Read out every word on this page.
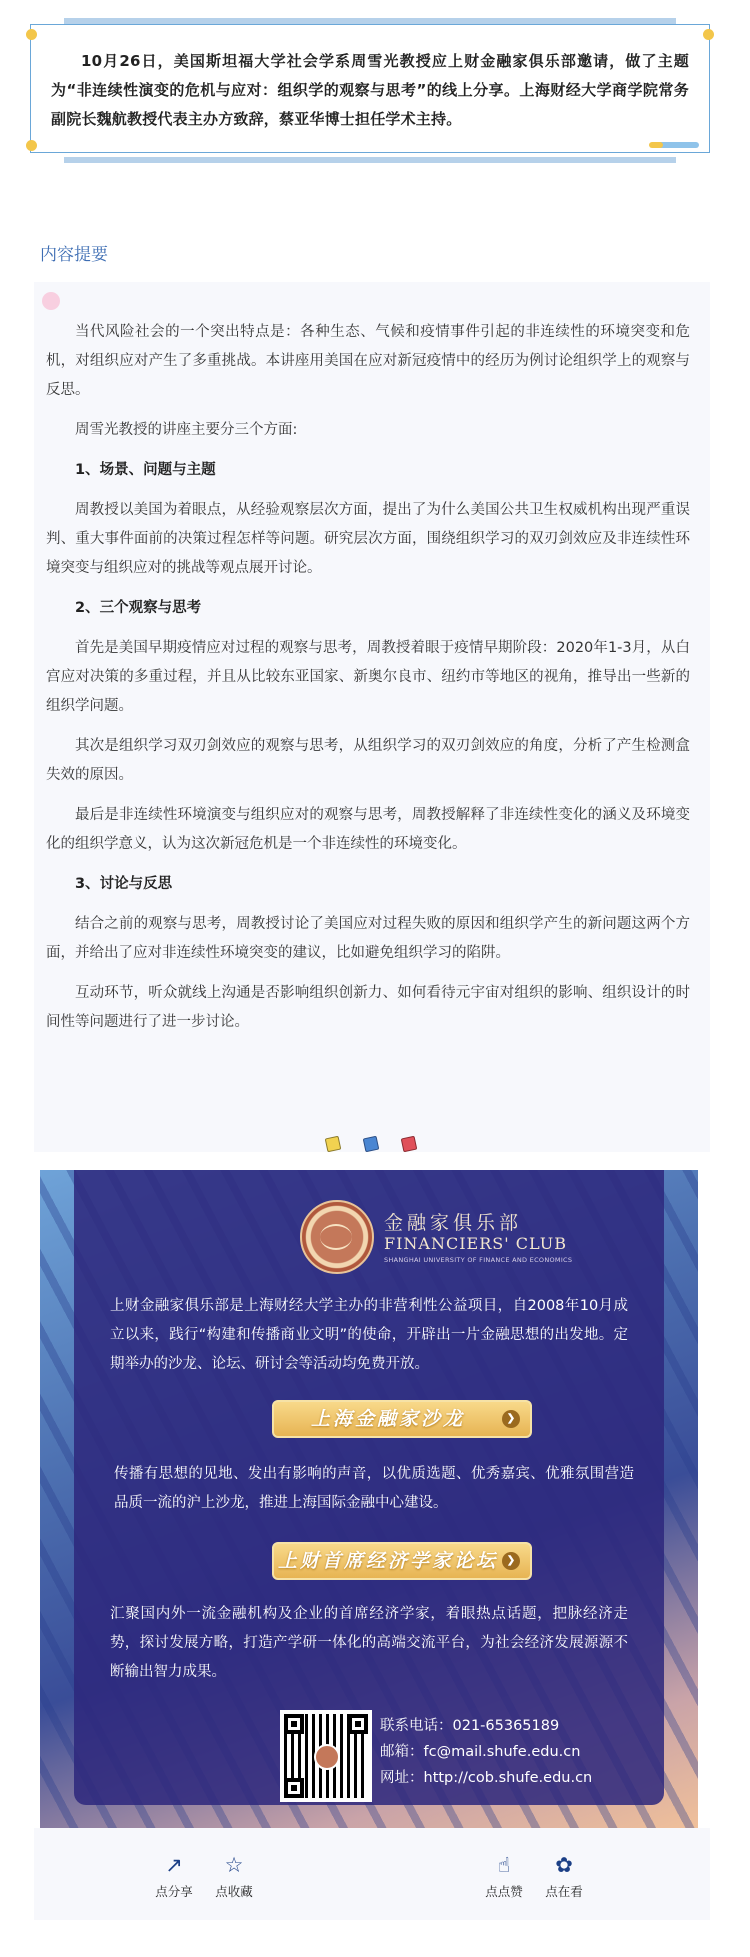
10月26日，美国斯坦福大学社会学系周雪光教授应上财金融家俱乐部邀请，做了主题为“非连续性演变的危机与应对：组织学的观察与思考”的线上分享。上海财经大学商学院常务副院长魏航教授代表主办方致辞，蔡亚华博士担任学术主持。

内容提要

当代风险社会的一个突出特点是：各种生态、气候和疫情事件引起的非连续性的环境突变和危机，对组织应对产生了多重挑战。本讲座用美国在应对新冠疫情中的经历为例讨论组织学上的观察与反思。

周雪光教授的讲座主要分三个方面:

1、场景、问题与主题

周教授以美国为着眼点，从经验观察层次方面，提出了为什么美国公共卫生权威机构出现严重误判、重大事件面前的决策过程怎样等问题。研究层次方面，围绕组织学习的双刃剑效应及非连续性环境突变与组织应对的挑战等观点展开讨论。

2、三个观察与思考

首先是美国早期疫情应对过程的观察与思考，周教授着眼于疫情早期阶段：2020年1-3月，从白宫应对决策的多重过程，并且从比较东亚国家、新奥尔良市、纽约市等地区的视角，推导出一些新的组织学问题。

其次是组织学习双刃剑效应的观察与思考，从组织学习的双刃剑效应的角度，分析了产生检测盒失效的原因。

最后是非连续性环境演变与组织应对的观察与思考，周教授解释了非连续性变化的涵义及环境变化的组织学意义，认为这次新冠危机是一个非连续性的环境变化。

3、讨论与反思

结合之前的观察与思考，周教授讨论了美国应对过程失败的原因和组织学产生的新问题这两个方面，并给出了应对非连续性环境突变的建议，比如避免组织学习的陷阱。

互动环节，听众就线上沟通是否影响组织创新力、如何看待元宇宙对组织的影响、组织设计的时间性等问题进行了进一步讨论。

金融家俱乐部
FINANCIERS' CLUB
SHANGHAI UNIVERSITY OF FINANCE AND ECONOMICS

上财金融家俱乐部是上海财经大学主办的非营利性公益项目，自2008年10月成立以来，践行“构建和传播商业文明”的使命，开辟出一片金融思想的出发地。定期举办的沙龙、论坛、研讨会等活动均免费开放。

上海金融家沙龙	❯

传播有思想的见地、发出有影响的声音，以优质选题、优秀嘉宾、优雅氛围营造品质一流的沪上沙龙，推进上海国际金融中心建设。

上财首席经济学家论坛 ❯

汇聚国内外一流金融机构及企业的首席经济学家，着眼热点话题，把脉经济走势，探讨发展方略，打造产学研一体化的高端交流平台，为社会经济发展源源不断输出智力成果。

联系电话：021-65365189
邮箱：fc@mail.shufe.edu.cn
网址：http://cob.shufe.edu.cn
↗
点分享
☆
点收藏
☝
点点赞
✿
点在看
